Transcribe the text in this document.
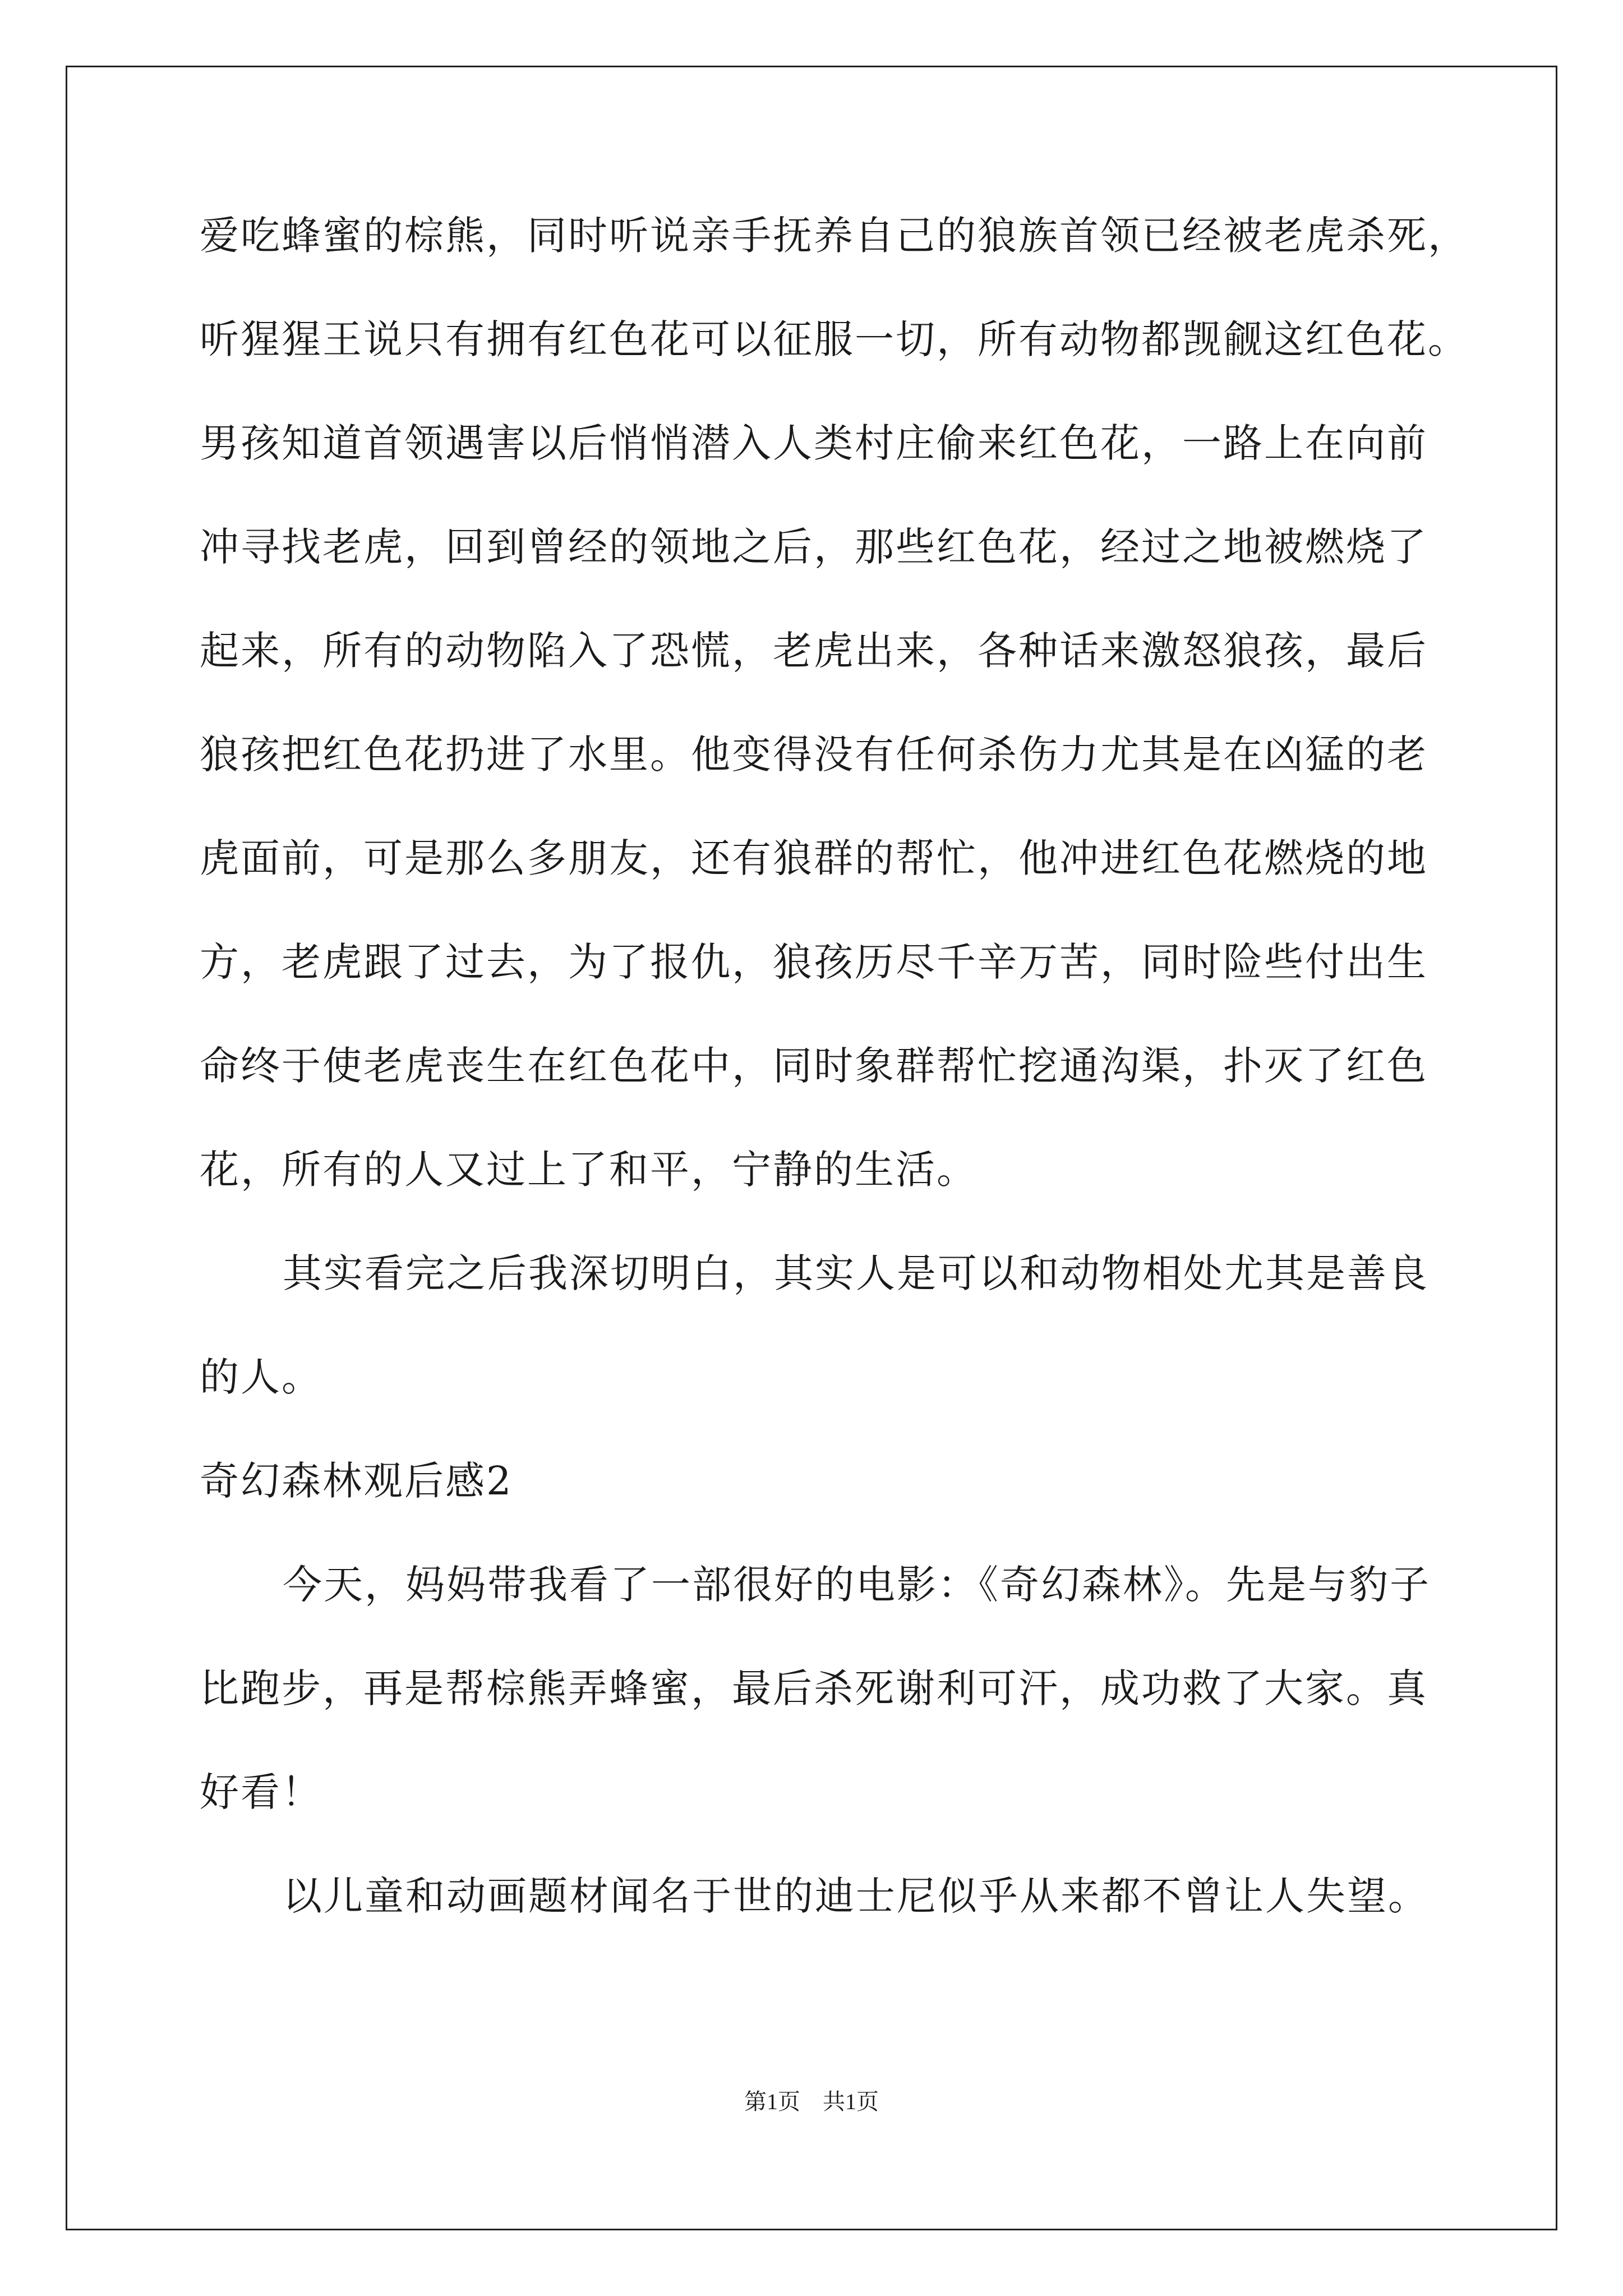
爱吃蜂蜜的棕熊，同时听说亲手抚养自己的狼族首领已经被老虎杀死，
听猩猩王说只有拥有红色花可以征服一切，所有动物都觊觎这红色花。
男孩知道首领遇害以后悄悄潜入人类村庄偷来红色花，一路上在向前
冲寻找老虎，回到曾经的领地之后，那些红色花，经过之地被燃烧了
起来，所有的动物陷入了恐慌，老虎出来，各种话来激怒狼孩，最后
狼孩把红色花扔进了水里。他变得没有任何杀伤力尤其是在凶猛的老
虎面前，可是那么多朋友，还有狼群的帮忙，他冲进红色花燃烧的地
方，老虎跟了过去，为了报仇，狼孩历尽千辛万苦，同时险些付出生
命终于使老虎丧生在红色花中，同时象群帮忙挖通沟渠，扑灭了红色
花，所有的人又过上了和平，宁静的生活。
其实看完之后我深切明白，其实人是可以和动物相处尤其是善良
的人。
奇幻森林观后感2
今天，妈妈带我看了一部很好的电影：《奇幻森林》。先是与豹子
比跑步，再是帮棕熊弄蜂蜜，最后杀死谢利可汗，成功救了大家。真
好看！
以儿童和动画题材闻名于世的迪士尼似乎从来都不曾让人失望。
第1页　共1页
